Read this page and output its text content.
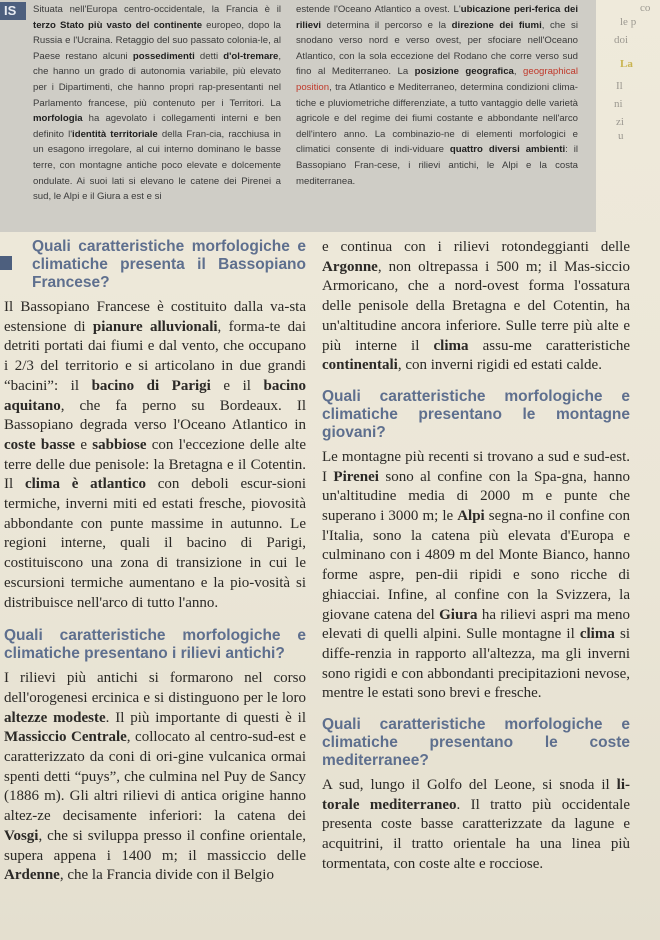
IS	Situata nell'Europa centro-occidentale, la Francia è il terzo Stato più vasto del continente europeo, dopo la Russia e l'Ucraina. Retaggio del suo passato colonia-le, al Paese restano alcuni possedimenti detti d'ol-tremare, che hanno un grado di autonomia variabile, più elevato per i Dipartimenti, che hanno propri rap-presentanti nel Parlamento francese, più contenuto per i Territori. La morfologia ha agevolato i collegamenti interni e ben definito l'identità territoriale della Fran-cia, racchiusa in un esagono irregolare, al cui interno dominano le basse terre, con montagne antiche poco elevate e dolcemente ondulate. Ai suoi lati si elevano le catene dei Pirenei a sud, le Alpi e il Giura a est e si

estende l'Oceano Atlantico a ovest. L'ubicazione peri-ferica dei rilievi determina il percorso e la direzione dei fiumi, che si snodano verso nord e verso ovest, per sfociare nell'Oceano Atlantico, con la sola eccezione del Rodano che corre verso sud fino al Mediterraneo. La posizione geografica, geographical position, tra Atlantico e Mediterraneo, determina condizioni clima-tiche e pluviometriche differenziate, a tutto vantaggio delle varietà agricole e del regime dei fiumi costante e abbondante nell'arco dell'intero anno. La combinazio-ne di elementi morfologici e climatici consente di indi-viduare quattro diversi ambienti: il Bassopiano Fran-cese, i rilievi antichi, le Alpi e la costa mediterranea.

co
le p
doi
La
Il
ni
zi
u
Quali caratteristiche morfologiche e climatiche presenta il Bassopiano Francese?

Il Bassopiano Francese è costituito dalla va-sta estensione di pianure alluvionali, forma-te dai detriti portati dai fiumi e dal vento, che occupano i 2/3 del territorio e si articolano in due grandi “bacini”: il bacino di Parigi e il bacino aquitano, che fa perno su Bordeaux. Il Bassopiano degrada verso l'Oceano Atlantico in coste basse e sabbiose con l'eccezione delle alte terre delle due penisole: la Bretagna e il Cotentin. Il clima è atlantico con deboli escur-sioni termiche, inverni miti ed estati fresche, piovosità abbondante con punte massime in autunno. Le regioni interne, quali il bacino di Parigi, costituiscono una zona di transizione in cui le escursioni termiche aumentano e la pio-vosità si distribuisce nell'arco di tutto l'anno.

Quali caratteristiche morfologiche e climatiche presentano i rilievi antichi?

I rilievi più antichi si formarono nel corso dell'orogenesi ercinica e si distinguono per le loro altezze modeste. Il più importante di questi è il Massiccio Centrale, collocato al centro-sud-est e caratterizzato da coni di ori-gine vulcanica ormai spenti detti “puys”, che culmina nel Puy de Sancy (1886 m). Gli altri rilievi di antica origine hanno altez-ze decisamente inferiori: la catena dei Vosgi, che si sviluppa presso il confine orientale, supera appena i 1400 m; il massiccio delle Ardenne, che la Francia divide con il Belgio

e continua con i rilievi rotondeggianti delle Argonne, non oltrepassa i 500 m; il Mas-siccio Armoricano, che a nord-ovest forma l'ossatura delle penisole della Bretagna e del Cotentin, ha un'altitudine ancora inferiore. Sulle terre più alte e più interne il clima assu-me caratteristiche continentali, con inverni rigidi ed estati calde.

Quali caratteristiche morfologiche e climatiche presentano le montagne giovani?

Le montagne più recenti si trovano a sud e sud-est. I Pirenei sono al confine con la Spa-gna, hanno un'altitudine media di 2000 m e punte che superano i 3000 m; le Alpi segna-no il confine con l'Italia, sono la catena più elevata d'Europa e culminano con i 4809 m del Monte Bianco, hanno forme aspre, pen-dii ripidi e sono ricche di ghiacciai. Infine, al confine con la Svizzera, la giovane catena del Giura ha rilievi aspri ma meno elevati di quelli alpini. Sulle montagne il clima si diffe-renzia in rapporto all'altezza, ma gli inverni sono rigidi e con abbondanti precipitazioni nevose, mentre le estati sono brevi e fresche.

Quali caratteristiche morfologiche e climatiche presentano le coste mediterranee?

A sud, lungo il Golfo del Leone, si snoda il li-torale mediterraneo. Il tratto più occidentale presenta coste basse caratterizzate da lagune e acquitrini, il tratto orientale ha una linea più tormentata, con coste alte e rocciose.
